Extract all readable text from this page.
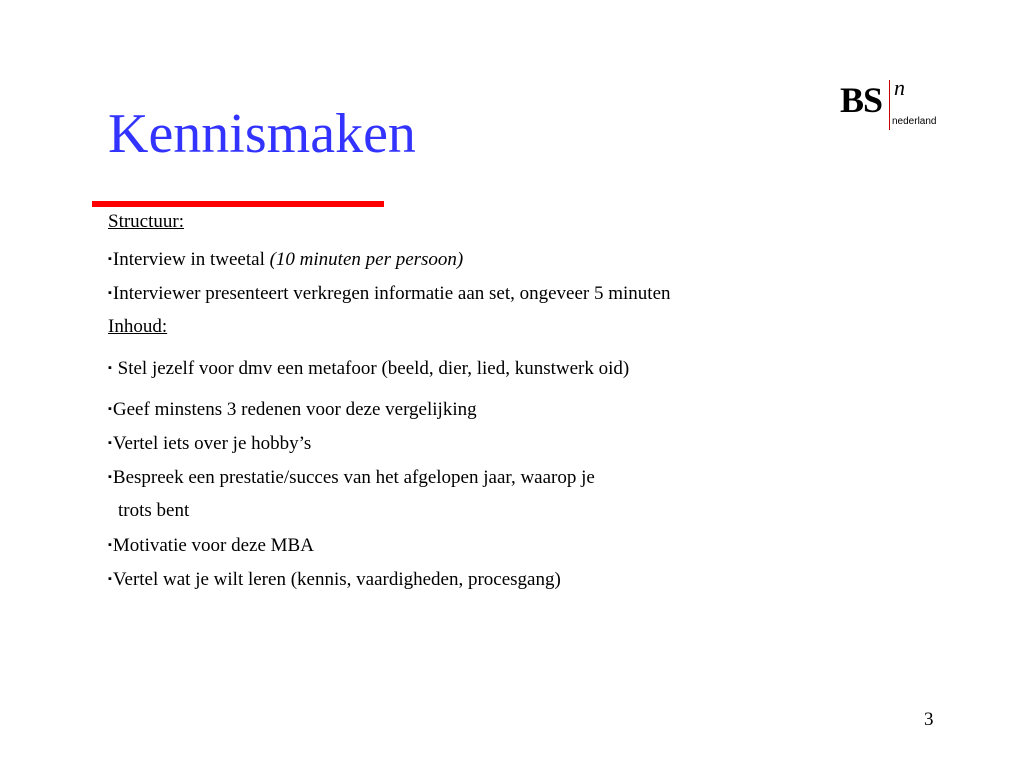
Kennismaken
BS n
nederland
Structuur:
▪Interview in tweetal (10 minuten per persoon)
▪Interviewer presenteert verkregen informatie aan set, ongeveer 5 minuten
Inhoud:
▪ Stel jezelf voor dmv een metafoor (beeld, dier, lied, kunstwerk oid)
▪Geef minstens 3 redenen voor deze vergelijking
▪Vertel iets over je hobby’s
▪Bespreek een prestatie/succes van het afgelopen jaar, waarop je
trots bent
▪Motivatie voor deze MBA
▪Vertel wat je wilt leren (kennis, vaardigheden, procesgang)
3
